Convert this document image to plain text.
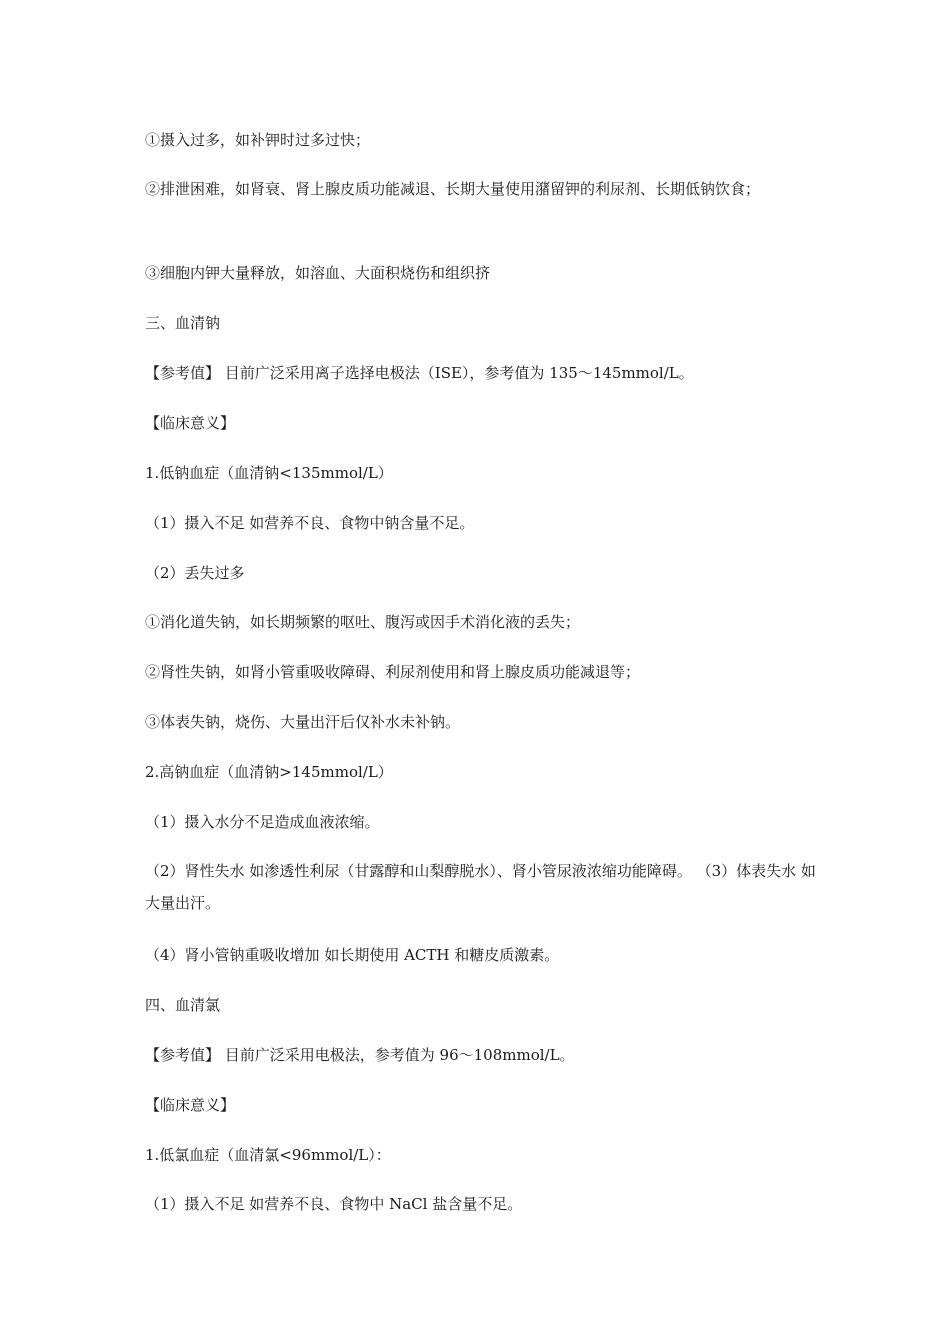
①摄入过多，如补钾时过多过快；
②排泄困难，如肾衰、肾上腺皮质功能减退、长期大量使用潴留钾的利尿剂、长期低钠饮食；
③细胞内钾大量释放，如溶血、大面积烧伤和组织挤
三、血清钠
【参考值】 目前广泛采用离子选择电极法（ISE），参考值为 135～145mmol/L。
【临床意义】
1.低钠血症（血清钠<135mmol/L）
（1）摄入不足 如营养不良、食物中钠含量不足。
（2）丢失过多
①消化道失钠，如长期频繁的呕吐、腹泻或因手术消化液的丢失；
②肾性失钠，如肾小管重吸收障碍、利尿剂使用和肾上腺皮质功能减退等；
③体表失钠，烧伤、大量出汗后仅补水未补钠。
2.高钠血症（血清钠>145mmol/L）
（1）摄入水分不足造成血液浓缩。
（2）肾性失水 如渗透性利尿（甘露醇和山梨醇脱水）、肾小管尿液浓缩功能障碍。 （3）体表失水 如大量出汗。
（4）肾小管钠重吸收增加 如长期使用 ACTH 和糖皮质激素。
四、血清氯
【参考值】 目前广泛采用电极法，参考值为 96～108mmol/L。
【临床意义】
1.低氯血症（血清氯<96mmol/L）：
（1）摄入不足 如营养不良、食物中 NaCl 盐含量不足。
